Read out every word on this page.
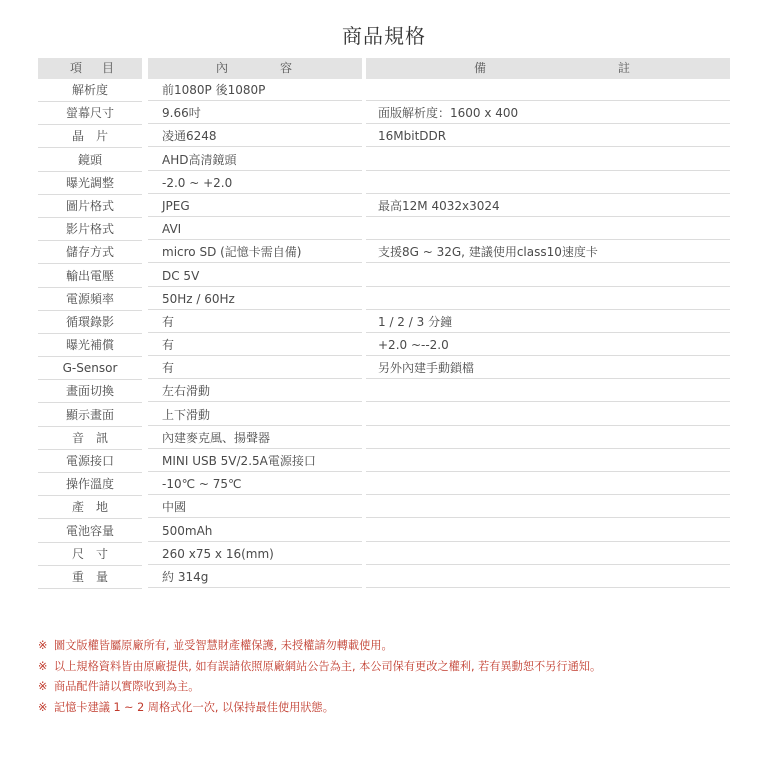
商品規格
項 目	內	容	備	註
解析度	前1080P 後1080P
螢幕尺寸	9.66吋	面版解析度：1600 x 400
晶　片	凌通6248	16MbitDDR
鏡頭	AHD高清鏡頭
曝光調整	-2.0 ~ +2.0
圖片格式	JPEG	最高12M 4032x3024
影片格式	AVI
儲存方式	micro SD (記憶卡需自備)	支援8G ~ 32G, 建議使用class10速度卡
輸出電壓	DC 5V
電源頻率	50Hz / 60Hz
循環錄影	有	1 / 2 / 3 分鐘
曝光補償	有	+2.0 ~--2.0
G-Sensor	有	另外內建手動鎖檔
畫面切換	左右滑動
顯示畫面	上下滑動
音　訊	內建麥克風、揚聲器
電源接口	MINI USB 5V/2.5A電源接口
操作溫度	-10℃ ~ 75℃
產　地	中國
電池容量	500mAh
尺　寸	260 x75 x 16(mm)
重　量	約 314g
※ 圖文版權皆屬原廠所有, 並受智慧財產權保護, 未授權請勿轉載使用。
※ 以上規格資料皆由原廠提供, 如有誤請依照原廠網站公告為主, 本公司保有更改之權利, 若有異動恕不另行通知。
※ 商品配件請以實際收到為主。
※ 記憶卡建議 1 ~ 2 周格式化一次, 以保持最佳使用狀態。
